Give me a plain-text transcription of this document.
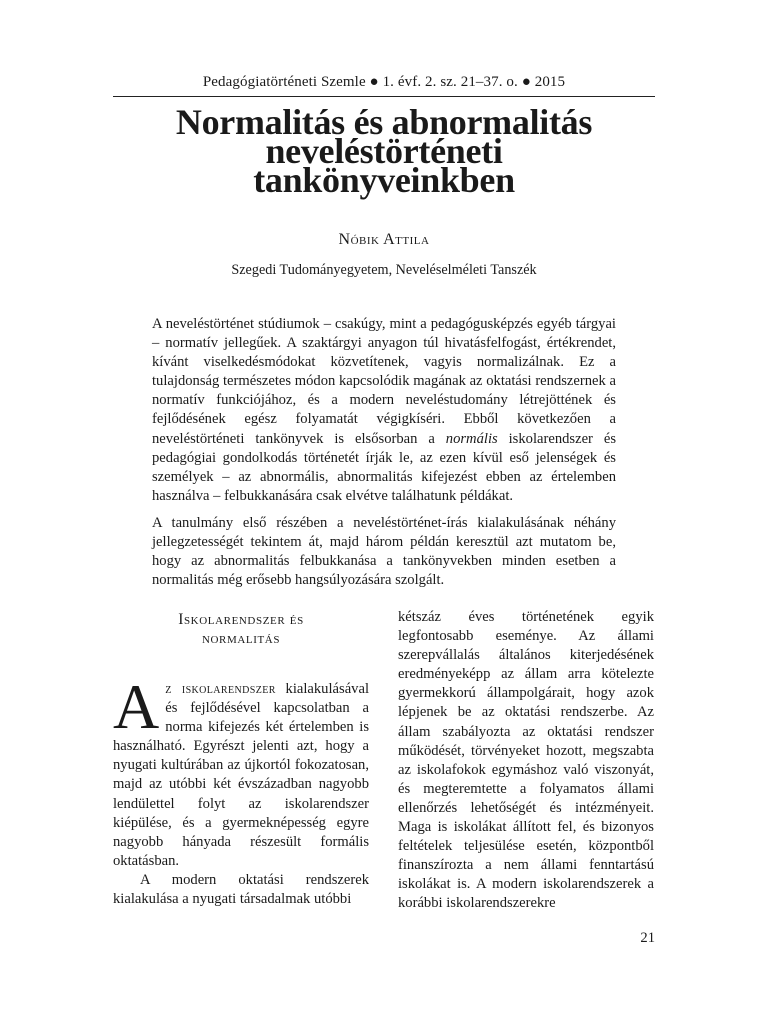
Pedagógiatörténeti Szemle ● 1. évf. 2. sz. 21–37. o. ● 2015
Normalitás és abnormalitás
neveléstörténeti
tankönyveinkben
Nóbik Attila
Szegedi Tudományegyetem, Neveléselméleti Tanszék

A neveléstörténet stúdiumok – csakúgy, mint a pedagógusképzés egyéb tárgyai – normatív jellegűek. A szaktárgyi anyagon túl hivatásfelfogást, értékrendet, kívánt viselkedésmódokat közvetítenek, vagyis normalizálnak. Ez a tulajdonság természetes módon kapcsolódik magának az oktatási rendszernek a normatív funkciójához, és a modern neveléstudomány létrejöttének és fejlődésének egész folyamatát végigkíséri. Ebből következően a neveléstörténeti tankönyvek is elsősorban a normális iskolarendszer és pedagógiai gondolkodás történetét írják le, az ezen kívül eső jelenségek és személyek – az abnormális, abnormalitás kifejezést ebben az értelemben használva – felbukkanására csak elvétve találhatunk példákat.

A tanulmány első részében a neveléstörténet-írás kialakulásának néhány jellegzetességét tekintem át, majd három példán keresztül azt mutatom be, hogy az abnormalitás felbukkanása a tankönyvekben minden esetben a normalitás még erősebb hangsúlyozására szolgált.

Iskolarendszer és
normalitás

Az iskolarendszer kialakulásával és fejlődésével kapcsolatban a norma kifejezés két értelemben is használható. Egyrészt jelenti azt, hogy a nyugati kultúrában az újkortól fokozatosan, majd az utóbbi két évszázadban nagyobb lendülettel folyt az iskolarendszer kiépülése, és a gyermeknépesség egyre nagyobb hányada részesült formális oktatásban.

A modern oktatási rendszerek kialakulása a nyugati társadalmak utóbbi

kétszáz éves történetének egyik legfontosabb eseménye. Az állami szerepvállalás általános kiterjedésének eredményeképp az állam arra kötelezte gyermekkorú állampolgárait, hogy azok lépjenek be az oktatási rendszerbe. Az állam szabályozta az oktatási rendszer működését, törvényeket hozott, megszabta az iskolafokok egymáshoz való viszonyát, és megteremtette a folyamatos állami ellenőrzés lehetőségét és intézményeit. Maga is iskolákat állított fel, és bizonyos feltételek teljesülése esetén, központből finanszírozta a nem állami fenntartású iskolákat is. A modern iskolarendszerek a korábbi iskolarendszerekre

21
